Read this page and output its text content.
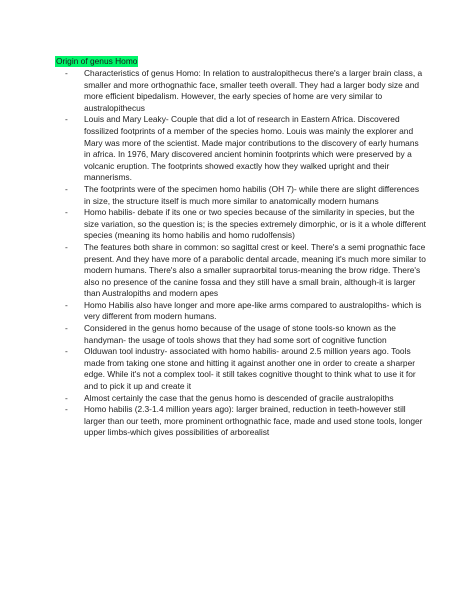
Origin of genus Homo
- Characteristics of genus Homo: In relation to australopithecus there's a larger brain class, a smaller and more orthognathic face, smaller teeth overall. They had a larger body size and more efficient bipedalism. However, the early species of home are very similar to australopithecus
- Louis and Mary Leaky- Couple that did a lot of research in Eastern Africa. Discovered fossilized footprints of a member of the species homo. Louis was mainly the explorer and Mary was more of the scientist. Made major contributions to the discovery of early humans in africa. In 1976, Mary discovered ancient hominin footprints which were preserved by a volcanic eruption. The footprints showed exactly how they walked upright and their mannerisms.
- The footprints were of the specimen homo habilis (OH 7)- while there are slight differences in size, the structure itself is much more similar to anatomically modern humans
- Homo habilis- debate if its one or two species because of the similarity in species, but the size variation, so the question is; is the species extremely dimorphic, or is it a whole different species (meaning its homo habilis and homo rudolfensis)
- The features both share in common: so sagittal crest or keel. There's a semi prognathic face present. And they have more of a parabolic dental arcade, meaning it's much more similar to modern humans. There's also a smaller supraorbital torus-meaning the brow ridge. There's also no presence of the canine fossa and they still have a small brain, although-it is larger than Australopiths and modern apes
- Homo Habilis also have longer and more ape-like arms compared to australopiths- which is very different from modern humans.
- Considered in the genus homo because of the usage of stone tools-so known as the handyman- the usage of tools shows that they had some sort of cognitive function
- Olduwan tool industry- associated with homo habilis- around 2.5 million years ago. Tools made from taking one stone and hitting it against another one in order to create a sharper edge. While it's not a complex tool- it still takes cognitive thought to think what to use it for and to pick it up and create it
- Almost certainly the case that the genus homo is descended of gracile australopiths
- Homo habilis (2.3-1.4 million years ago): larger brained, reduction in teeth-however still larger than our teeth, more prominent orthognathic face, made and used stone tools, longer upper limbs-which gives possibilities of arborealist
